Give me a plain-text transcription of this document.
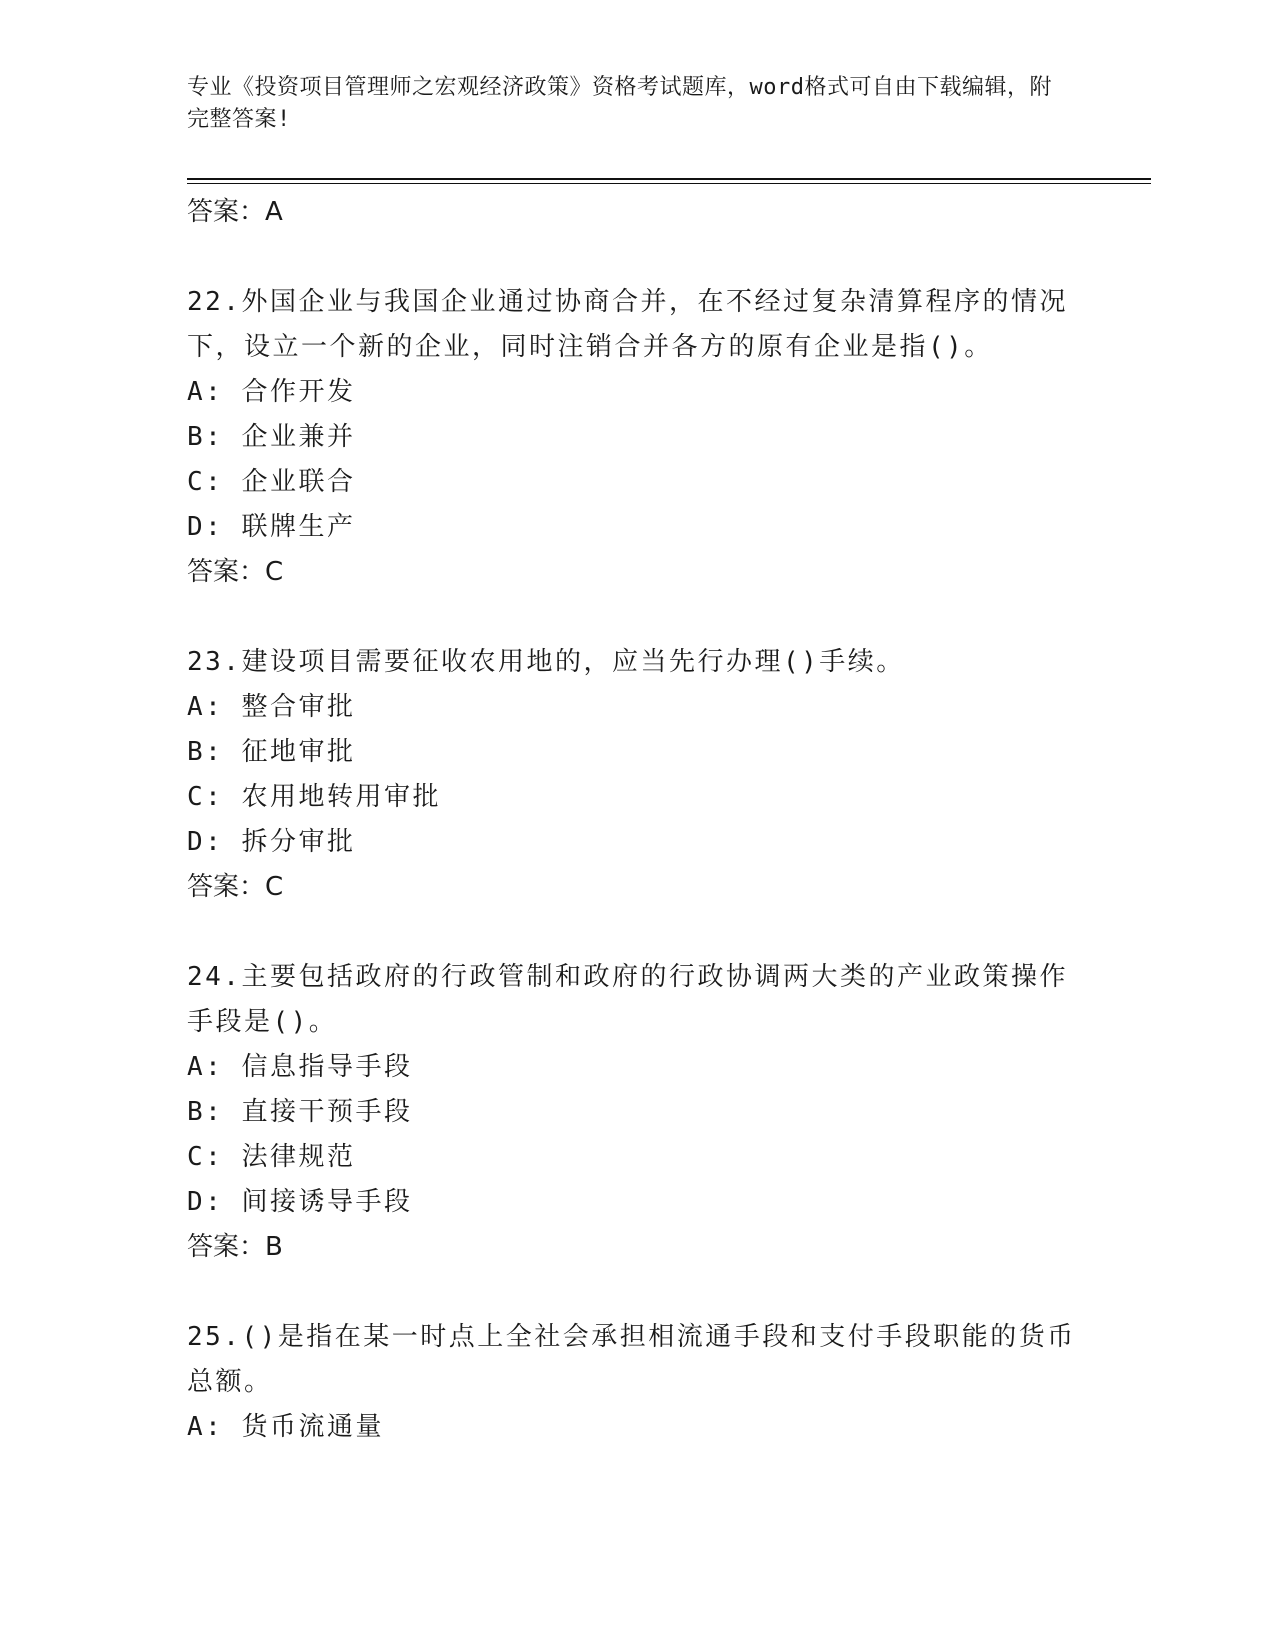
专业《投资项目管理师之宏观经济政策》资格考试题库，word格式可自由下载编辑，附完整答案!
答案：A
22.外国企业与我国企业通过协商合并，在不经过复杂清算程序的情况下，设立一个新的企业，同时注销合并各方的原有企业是指()。
A: 合作开发
B: 企业兼并
C: 企业联合
D: 联牌生产
答案：C
23.建设项目需要征收农用地的，应当先行办理()手续。
A: 整合审批
B: 征地审批
C: 农用地转用审批
D: 拆分审批
答案：C
24.主要包括政府的行政管制和政府的行政协调两大类的产业政策操作手段是()。
A: 信息指导手段
B: 直接干预手段
C: 法律规范
D: 间接诱导手段
答案：B
25.()是指在某一时点上全社会承担相流通手段和支付手段职能的货币总额。
A: 货币流通量
